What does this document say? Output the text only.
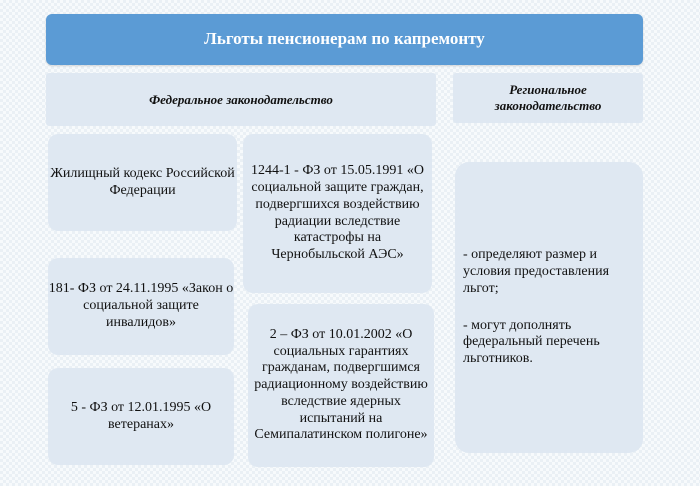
Льготы пенсионерам по капремонту
Федеральное законодательство
Региональное законодательство
Жилищный кодекс Российской Федерации
181- ФЗ от 24.11.1995 «Закон о социальной защите инвалидов»
5 - ФЗ от 12.01.1995 «О ветеранах»
1244-1 - ФЗ от 15.05.1991 «О социальной защите граждан, подвергшихся воздействию радиации вследствие катастрофы на Чернобыльской АЭС»
2 – ФЗ от 10.01.2002 «О социальных гарантиях гражданам, подвергшимся радиационному воздействию вследствие ядерных испытаний на Семипалатинском полигоне»
- определяют размер и условия предоставления льгот;
- могут дополнять федеральный перечень льготников.
